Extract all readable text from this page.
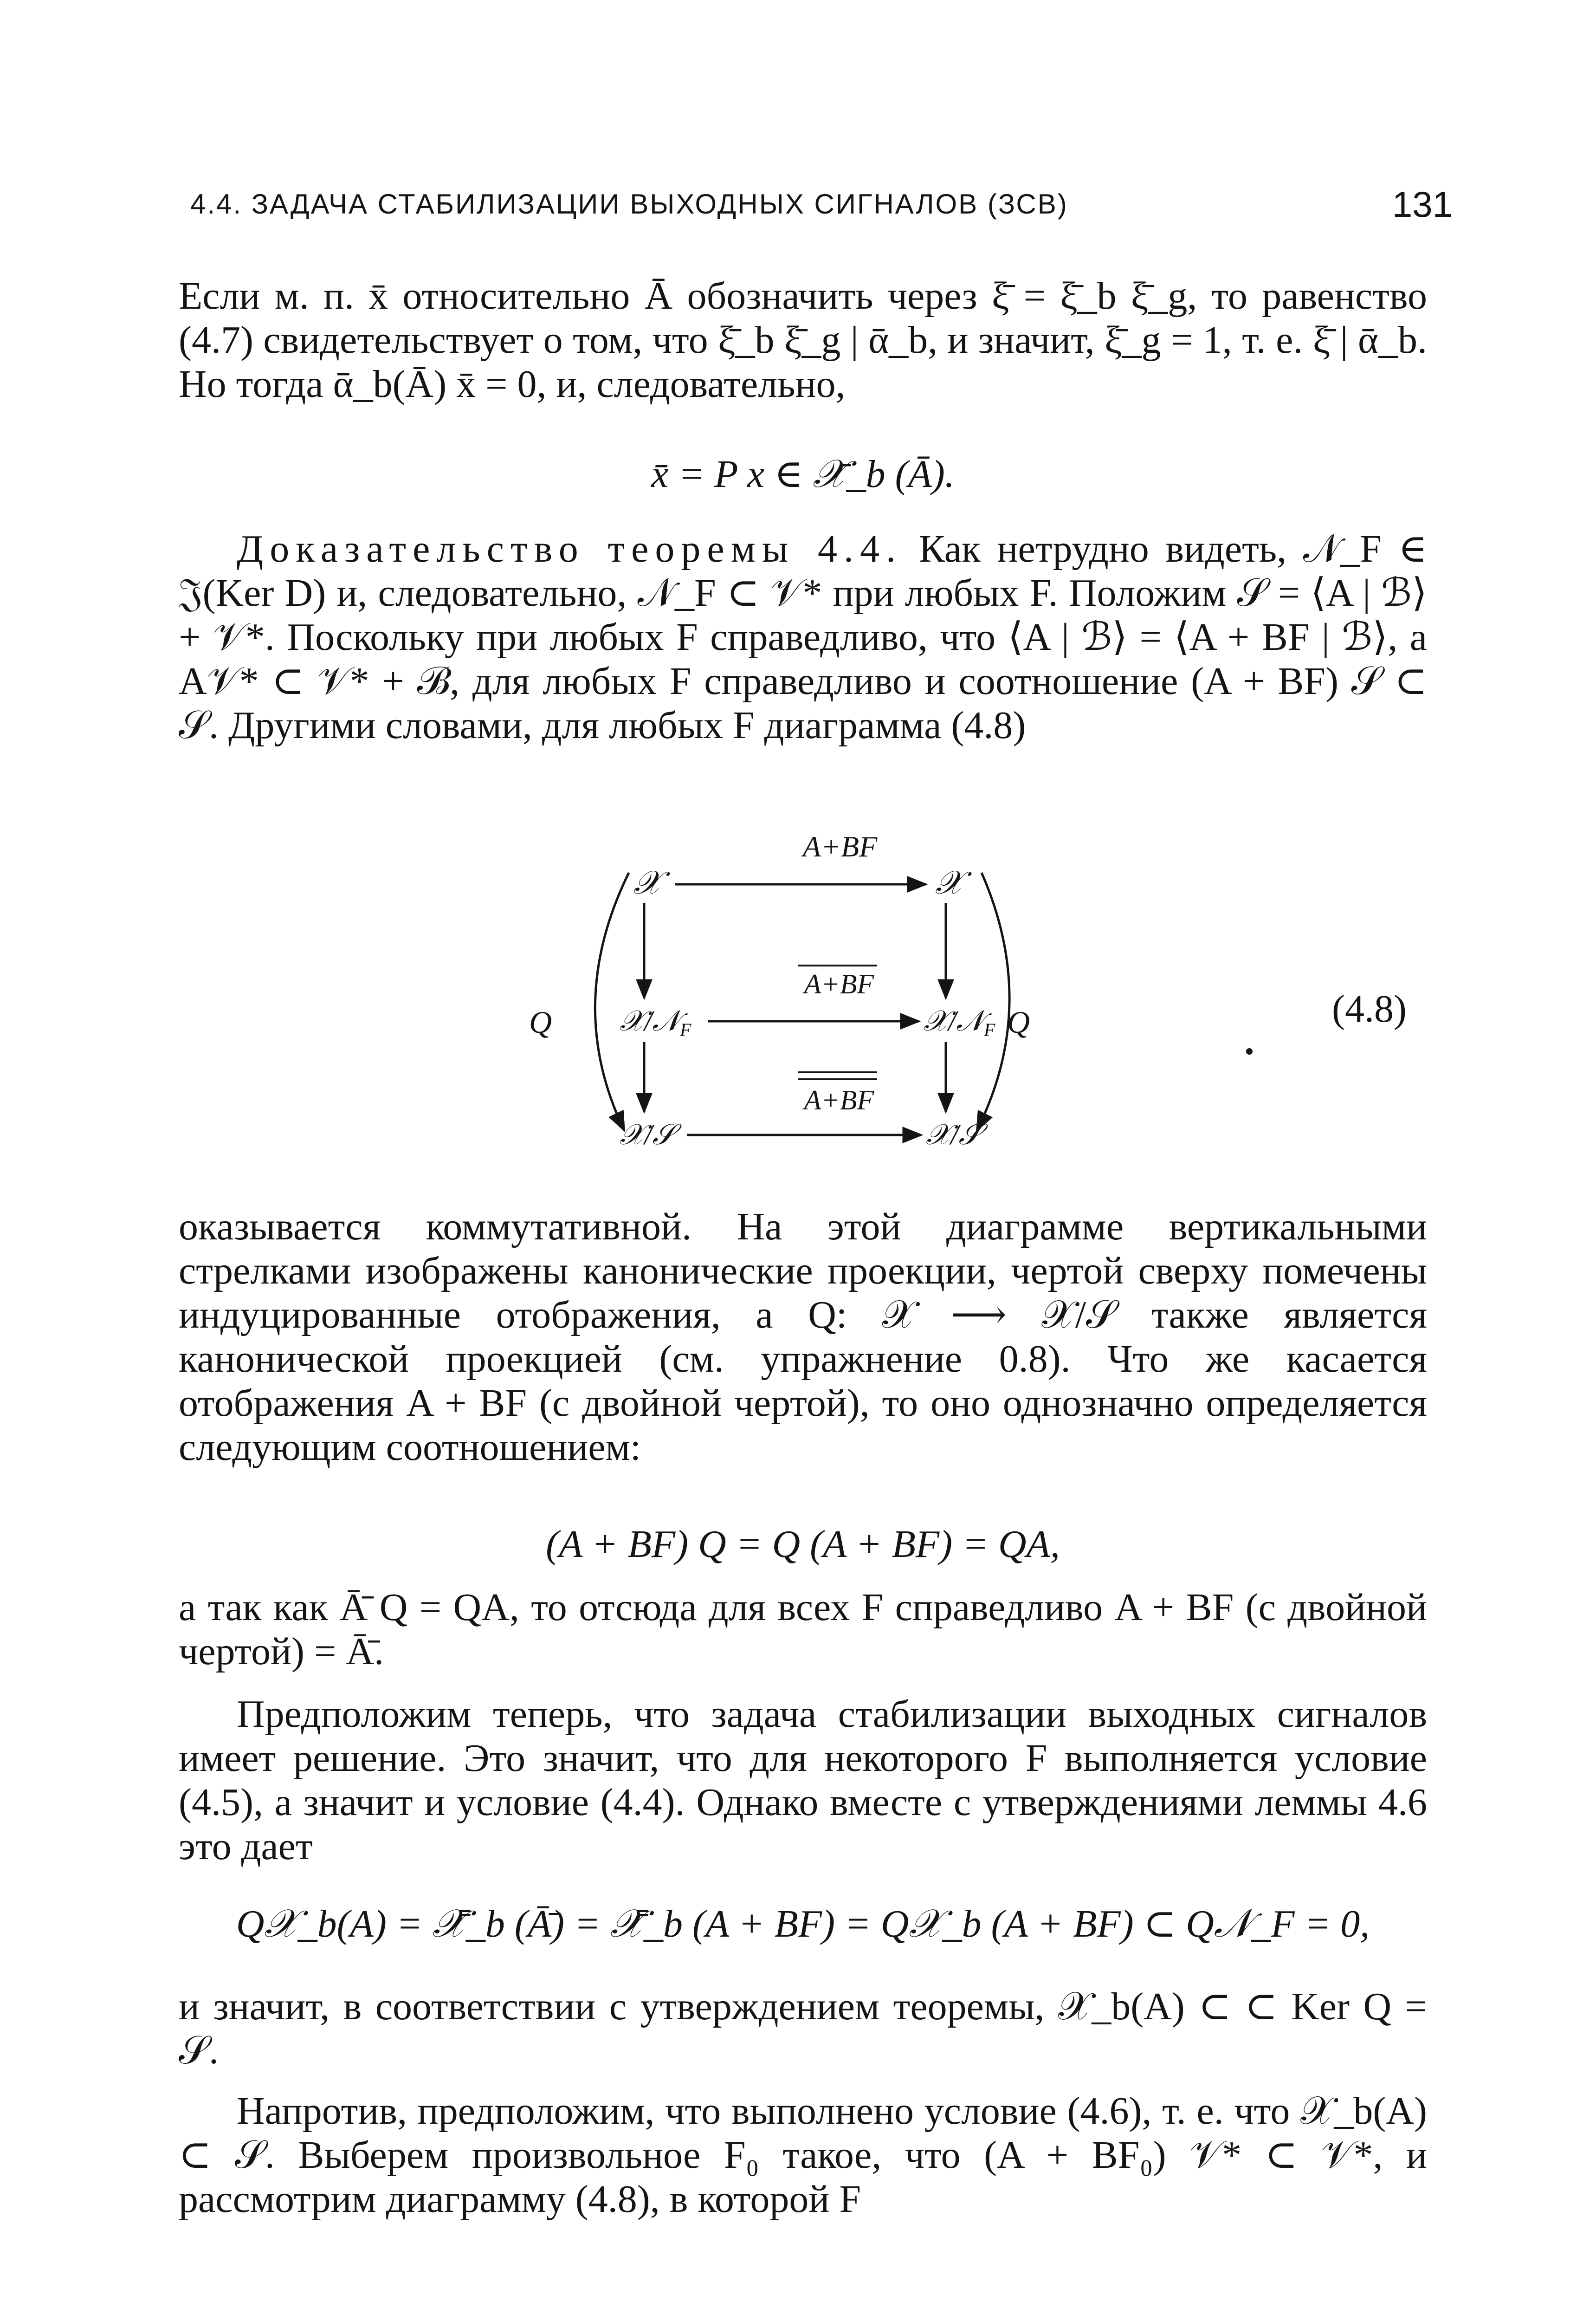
4.4. ЗАДАЧА СТАБИЛИЗАЦИИ ВЫХОДНЫХ СИГНАЛОВ (ЗСВ)	131

Если м. п. x̄ относительно Ā обозначить через ξ̄ = ξ̄_b ξ̄_g, то равенство (4.7) свидетельствует о том, что ξ̄_b ξ̄_g | ᾱ_b, и значит, ξ̄_g = 1, т. е. ξ̄ | ᾱ_b. Но тогда ᾱ_b(Ā) x̄ = 0, и, следовательно,

x̄ = P x ∈ 𝒳̄_b (Ā).

Доказательство теоремы 4.4. Как нетрудно видеть, 𝒩_F ∈ 𝔍(Ker D) и, следовательно, 𝒩_F ⊂ 𝒱* при любых F. Положим 𝒮 = ⟨A | ℬ⟩ + 𝒱*. Поскольку при любых F справедливо, что ⟨A | ℬ⟩ = ⟨A + BF | ℬ⟩, а A𝒱* ⊂ 𝒱* + ℬ, для любых F справедливо и соотношение (A + BF) 𝒮 ⊂ 𝒮. Другими словами, для любых F диаграмма (4.8)

A+BF
A+BF
A+BF
𝒳	𝒳
𝒳/𝒩F	𝒳/𝒩F
𝒳/𝒮	𝒳/𝒮
Q	Q	(4.8)

оказывается коммутативной. На этой диаграмме вертикальными стрелками изображены канонические проекции, чертой сверху помечены индуцированные отображения, а Q: 𝒳 ⟶ 𝒳/𝒮 также является канонической проекцией (см. упражнение 0.8). Что же касается отображения A + BF (с двойной чертой), то оно однозначно определяется следующим соотношением:

(A + BF) Q = Q (A + BF) = QA,

а так как Ā̄ Q = QA, то отсюда для всех F справедливо A + BF (с двойной чертой) = Ā̄.

Предположим теперь, что задача стабилизации выходных сигналов имеет решение. Это значит, что для некоторого F выполняется условие (4.5), а значит и условие (4.4). Однако вместе с утверждениями леммы 4.6 это дает

Q𝒳_b(A) = 𝒳̄̄_b (Ā̄) = 𝒳̄̄_b (A + BF) = Q𝒳_b (A + BF) ⊂ Q𝒩_F = 0,

и значит, в соответствии с утверждением теоремы, 𝒳_b(A) ⊂ ⊂ Ker Q = 𝒮.

Напротив, предположим, что выполнено условие (4.6), т. е. что 𝒳_b(A) ⊂ 𝒮. Выберем произвольное F₀ такое, что (A + BF₀) 𝒱* ⊂ 𝒱*, и рассмотрим диаграмму (4.8), в которой F
